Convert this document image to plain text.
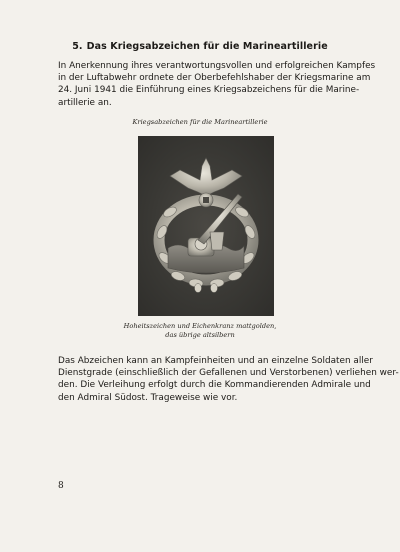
5. Das Kriegsabzeichen für die Marineartillerie
In Anerkennung ihres verantwortungsvollen und erfolgreichen Kampfes
in der Luftabwehr ordnete der Oberbefehlshaber der Kriegsmarine am
24. Juni 1941 die Einführung eines Kriegsabzeichens für die Marine-
artillerie an.
Kriegsabzeichen für die Marineartillerie
Hoheitszeichen und Eichenkranz mattgolden,
das übrige altsilbern
Das Abzeichen kann an Kampfeinheiten und an einzelne Soldaten aller
Dienstgrade (einschließlich der Gefallenen und Verstorbenen) verliehen wer-
den. Die Verleihung erfolgt durch die Kommandierenden Admirale und
den Admiral Südost. Trageweise wie vor.
8
